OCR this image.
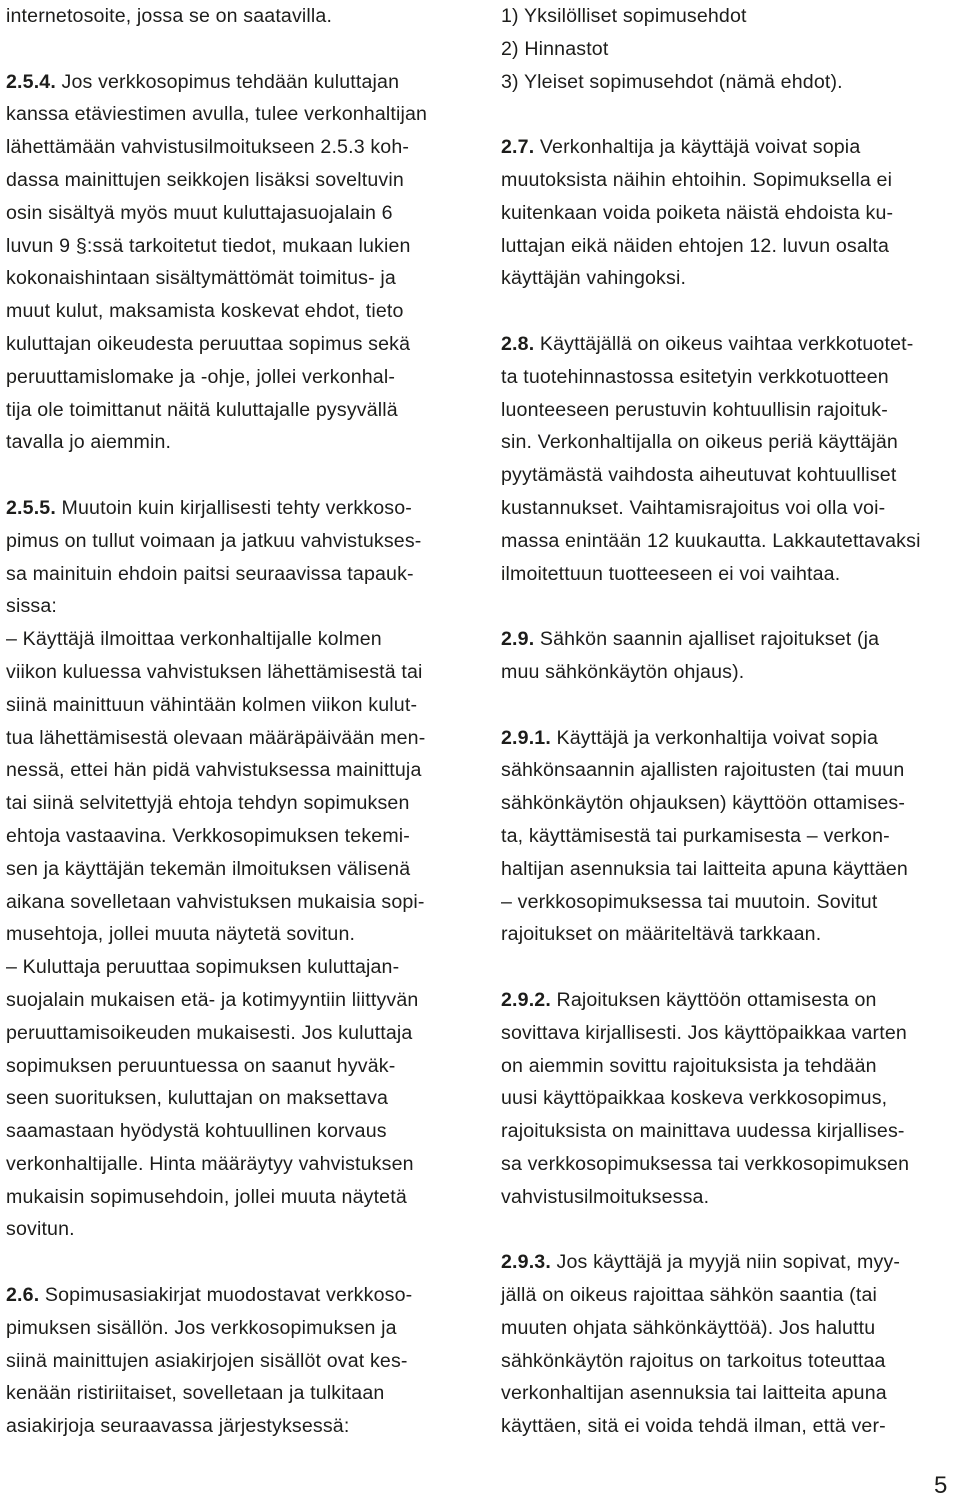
internetosoite, jossa se on saatavilla.
2.5.4. Jos verkkosopimus tehdään kuluttajan
kanssa etäviestimen avulla, tulee verkonhaltijan
lähettämään vahvistusilmoitukseen 2.5.3 koh-
dassa mainittujen seikkojen lisäksi soveltuvin
osin sisältyä myös muut kuluttajasuojalain 6
luvun 9 §:ssä tarkoitetut tiedot, mukaan lukien
kokonaishintaan sisältymättömät toimitus- ja
muut kulut, maksamista koskevat ehdot, tieto
kuluttajan oikeudesta peruuttaa sopimus sekä
peruuttamislomake ja -ohje, jollei verkonhal-
tija ole toimittanut näitä kuluttajalle pysyvällä
tavalla jo aiemmin.
2.5.5. Muutoin kuin kirjallisesti tehty verkkoso-
pimus on tullut voimaan ja jatkuu vahvistukses-
sa mainituin ehdoin paitsi seuraavissa tapauk-
sissa:
– Käyttäjä ilmoittaa verkonhaltijalle kolmen
viikon kuluessa vahvistuksen lähettämisestä tai
siinä mainittuun vähintään kolmen viikon kulut-
tua lähettämisestä olevaan määräpäivään men-
nessä, ettei hän pidä vahvistuksessa mainittuja
tai siinä selvitettyjä ehtoja tehdyn sopimuksen
ehtoja vastaavina. Verkkosopimuksen tekemi-
sen ja käyttäjän tekemän ilmoituksen välisenä
aikana sovelletaan vahvistuksen mukaisia sopi-
musehtoja, jollei muuta näytetä sovitun.
– Kuluttaja peruuttaa sopimuksen kuluttajan-
suojalain mukaisen etä- ja kotimyyntiin liittyvän
peruuttamisoikeuden mukaisesti. Jos kuluttaja
sopimuksen peruuntuessa on saanut hyväk-
seen suorituksen, kuluttajan on maksettava
saamastaan hyödystä kohtuullinen korvaus
verkonhaltijalle. Hinta määräytyy vahvistuksen
mukaisin sopimusehdoin, jollei muuta näytetä
sovitun.
2.6. Sopimusasiakirjat muodostavat verkkoso-
pimuksen sisällön. Jos verkkosopimuksen ja
siinä mainittujen asiakirjojen sisällöt ovat kes-
kenään ristiriitaiset, sovelletaan ja tulkitaan
asiakirjoja seuraavassa järjestyksessä:
1) Yksilölliset sopimusehdot
2) Hinnastot
3) Yleiset sopimusehdot (nämä ehdot).
2.7. Verkonhaltija ja käyttäjä voivat sopia
muutoksista näihin ehtoihin. Sopimuksella ei
kuitenkaan voida poiketa näistä ehdoista ku-
luttajan eikä näiden ehtojen 12. luvun osalta
käyttäjän vahingoksi.
2.8. Käyttäjällä on oikeus vaihtaa verkkotuotet-
ta tuotehinnastossa esitetyin verkkotuotteen
luonteeseen perustuvin kohtuullisin rajoituk-
sin. Verkonhaltijalla on oikeus periä käyttäjän
pyytämästä vaihdosta aiheutuvat kohtuulliset
kustannukset. Vaihtamisrajoitus voi olla voi-
massa enintään 12 kuukautta. Lakkautettavaksi
ilmoitettuun tuotteeseen ei voi vaihtaa.
2.9. Sähkön saannin ajalliset rajoitukset (ja
muu sähkönkäytön ohjaus).
2.9.1. Käyttäjä ja verkonhaltija voivat sopia
sähkönsaannin ajallisten rajoitusten (tai muun
sähkönkäytön ohjauksen) käyttöön ottamises-
ta, käyttämisestä tai purkamisesta – verkon-
haltijan asennuksia tai laitteita apuna käyttäen
– verkkosopimuksessa tai muutoin. Sovitut
rajoitukset on määriteltävä tarkkaan.
2.9.2. Rajoituksen käyttöön ottamisesta on
sovittava kirjallisesti. Jos käyttöpaikkaa varten
on aiemmin sovittu rajoituksista ja tehdään
uusi käyttöpaikkaa koskeva verkkosopimus,
rajoituksista on mainittava uudessa kirjallises-
sa verkkosopimuksessa tai verkkosopimuksen
vahvistusilmoituksessa.
2.9.3. Jos käyttäjä ja myyjä niin sopivat, myy-
jällä on oikeus rajoittaa sähkön saantia (tai
muuten ohjata sähkönkäyttöä). Jos haluttu
sähkönkäytön rajoitus on tarkoitus toteuttaa
verkonhaltijan asennuksia tai laitteita apuna
käyttäen, sitä ei voida tehdä ilman, että ver-
5
